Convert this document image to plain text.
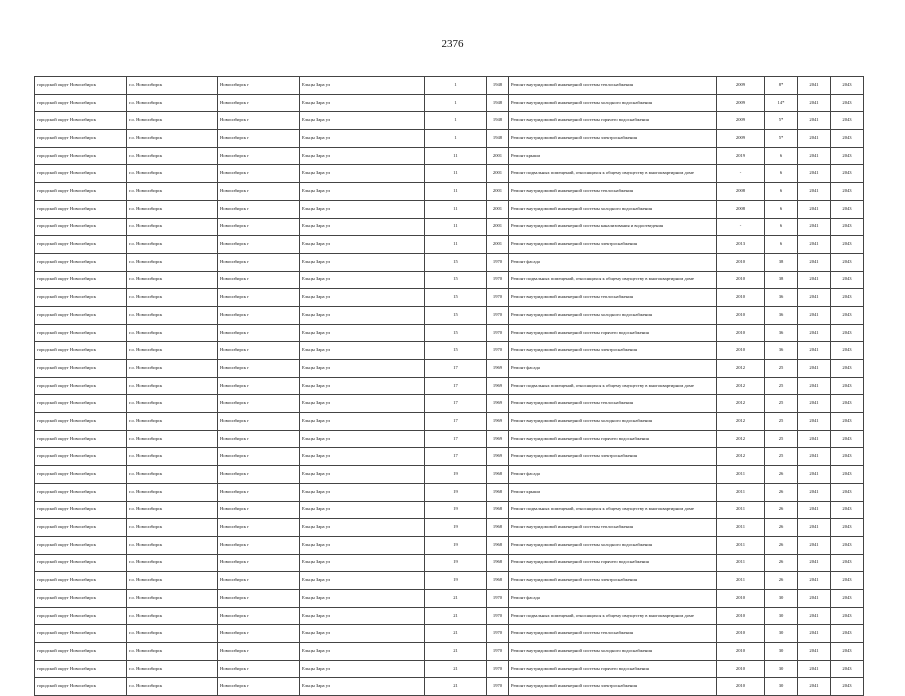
2376
городской округ Новосибирск	г.о. Новосибирск	Новосибирск г	Ельцы Зара ул	1	1948	Ремонт внутридомовой инженерной системы теплоснабжения	2009	8*	2041	2043
городской округ Новосибирск	г.о. Новосибирск	Новосибирск г	Ельцы Зара ул	1	1948	Ремонт внутридомовой инженерной системы холодного водоснабжения	2009	14*	2041	2043
городской округ Новосибирск	г.о. Новосибирск	Новосибирск г	Ельцы Зара ул	1	1948	Ремонт внутридомовой инженерной системы горячего водоснабжения	2009	5*	2041	2043
городской округ Новосибирск	г.о. Новосибирск	Новосибирск г	Ельцы Зара ул	1	1948	Ремонт внутридомовой инженерной системы электроснабжения	2009	5*	2041	2043
городской округ Новосибирск	г.о. Новосибирск	Новосибирск г	Ельцы Зара ул	11	2001	Ремонт крыши	2019	6	2041	2043
городской округ Новосибирск	г.о. Новосибирск	Новосибирск г	Ельцы Зара ул	11	2001	Ремонт подвальных помещений, относящихся к общему имуществу в многоквартирном доме	-	6	2041	2043
городской округ Новосибирск	г.о. Новосибирск	Новосибирск г	Ельцы Зара ул	11	2001	Ремонт внутридомовой инженерной системы теплоснабжения	2008	6	2041	2043
городской округ Новосибирск	г.о. Новосибирск	Новосибирск г	Ельцы Зара ул	11	2001	Ремонт внутридомовой инженерной системы холодного водоснабжения	2008	6	2041	2043
городской округ Новосибирск	г.о. Новосибирск	Новосибирск г	Ельцы Зара ул	11	2001	Ремонт внутридомовой инженерной системы канализования и водоотведения	-	6	2041	2043
городской округ Новосибирск	г.о. Новосибирск	Новосибирск г	Ельцы Зара ул	11	2001	Ремонт внутридомовой инженерной системы электроснабжения	2013	6	2041	2043
городской округ Новосибирск	г.о. Новосибирск	Новосибирск г	Ельцы Зара ул	15	1970	Ремонт фасада	2010	38	2041	2043
городской округ Новосибирск	г.о. Новосибирск	Новосибирск г	Ельцы Зара ул	15	1970	Ремонт подвальных помещений, относящихся к общему имуществу в многоквартирном доме	2010	38	2041	2043
городской округ Новосибирск	г.о. Новосибирск	Новосибирск г	Ельцы Зара ул	15	1970	Ремонт внутридомовой инженерной системы теплоснабжения	2010	36	2041	2043
городской округ Новосибирск	г.о. Новосибирск	Новосибирск г	Ельцы Зара ул	15	1970	Ремонт внутридомовой инженерной системы холодного водоснабжения	2010	36	2041	2043
городской округ Новосибирск	г.о. Новосибирск	Новосибирск г	Ельцы Зара ул	15	1970	Ремонт внутридомовой инженерной системы горячего водоснабжения	2010	36	2041	2043
городской округ Новосибирск	г.о. Новосибирск	Новосибирск г	Ельцы Зара ул	15	1970	Ремонт внутридомовой инженерной системы электроснабжения	2010	36	2041	2043
городской округ Новосибирск	г.о. Новосибирск	Новосибирск г	Ельцы Зара ул	17	1969	Ремонт фасада	2012	25	2041	2043
городской округ Новосибирск	г.о. Новосибирск	Новосибирск г	Ельцы Зара ул	17	1969	Ремонт подвальных помещений, относящихся к общему имуществу в многоквартирном доме	2012	25	2041	2043
городской округ Новосибирск	г.о. Новосибирск	Новосибирск г	Ельцы Зара ул	17	1969	Ремонт внутридомовой инженерной системы теплоснабжения	2012	25	2041	2043
городской округ Новосибирск	г.о. Новосибирск	Новосибирск г	Ельцы Зара ул	17	1969	Ремонт внутридомовой инженерной системы холодного водоснабжения	2012	25	2041	2043
городской округ Новосибирск	г.о. Новосибирск	Новосибирск г	Ельцы Зара ул	17	1969	Ремонт внутридомовой инженерной системы горячего водоснабжения	2012	25	2041	2043
городской округ Новосибирск	г.о. Новосибирск	Новосибирск г	Ельцы Зара ул	17	1969	Ремонт внутридомовой инженерной системы электроснабжения	2012	25	2041	2043
городской округ Новосибирск	г.о. Новосибирск	Новосибирск г	Ельцы Зара ул	19	1968	Ремонт фасада	2011	26	2041	2043
городской округ Новосибирск	г.о. Новосибирск	Новосибирск г	Ельцы Зара ул	19	1968	Ремонт крыши	2011	26	2041	2043
городской округ Новосибирск	г.о. Новосибирск	Новосибирск г	Ельцы Зара ул	19	1968	Ремонт подвальных помещений, относящихся к общему имуществу в многоквартирном доме	2011	26	2041	2043
городской округ Новосибирск	г.о. Новосибирск	Новосибирск г	Ельцы Зара ул	19	1968	Ремонт внутридомовой инженерной системы теплоснабжения	2011	26	2041	2043
городской округ Новосибирск	г.о. Новосибирск	Новосибирск г	Ельцы Зара ул	19	1968	Ремонт внутридомовой инженерной системы холодного водоснабжения	2011	26	2041	2043
городской округ Новосибирск	г.о. Новосибирск	Новосибирск г	Ельцы Зара ул	19	1968	Ремонт внутридомовой инженерной системы горячего водоснабжения	2011	26	2041	2043
городской округ Новосибирск	г.о. Новосибирск	Новосибирск г	Ельцы Зара ул	19	1968	Ремонт внутридомовой инженерной системы электроснабжения	2011	26	2041	2043
городской округ Новосибирск	г.о. Новосибирск	Новосибирск г	Ельцы Зара ул	21	1970	Ремонт фасада	2010	30	2041	2043
городской округ Новосибирск	г.о. Новосибирск	Новосибирск г	Ельцы Зара ул	21	1970	Ремонт подвальных помещений, относящихся к общему имуществу в многоквартирном доме	2010	30	2041	2043
городской округ Новосибирск	г.о. Новосибирск	Новосибирск г	Ельцы Зара ул	21	1970	Ремонт внутридомовой инженерной системы теплоснабжения	2010	30	2041	2043
городской округ Новосибирск	г.о. Новосибирск	Новосибирск г	Ельцы Зара ул	21	1970	Ремонт внутридомовой инженерной системы холодного водоснабжения	2010	30	2041	2043
городской округ Новосибирск	г.о. Новосибирск	Новосибирск г	Ельцы Зара ул	21	1970	Ремонт внутридомовой инженерной системы горячего водоснабжения	2010	30	2041	2043
городской округ Новосибирск	г.о. Новосибирск	Новосибирск г	Ельцы Зара ул	21	1970	Ремонт внутридомовой инженерной системы электроснабжения	2010	30	2041	2043
